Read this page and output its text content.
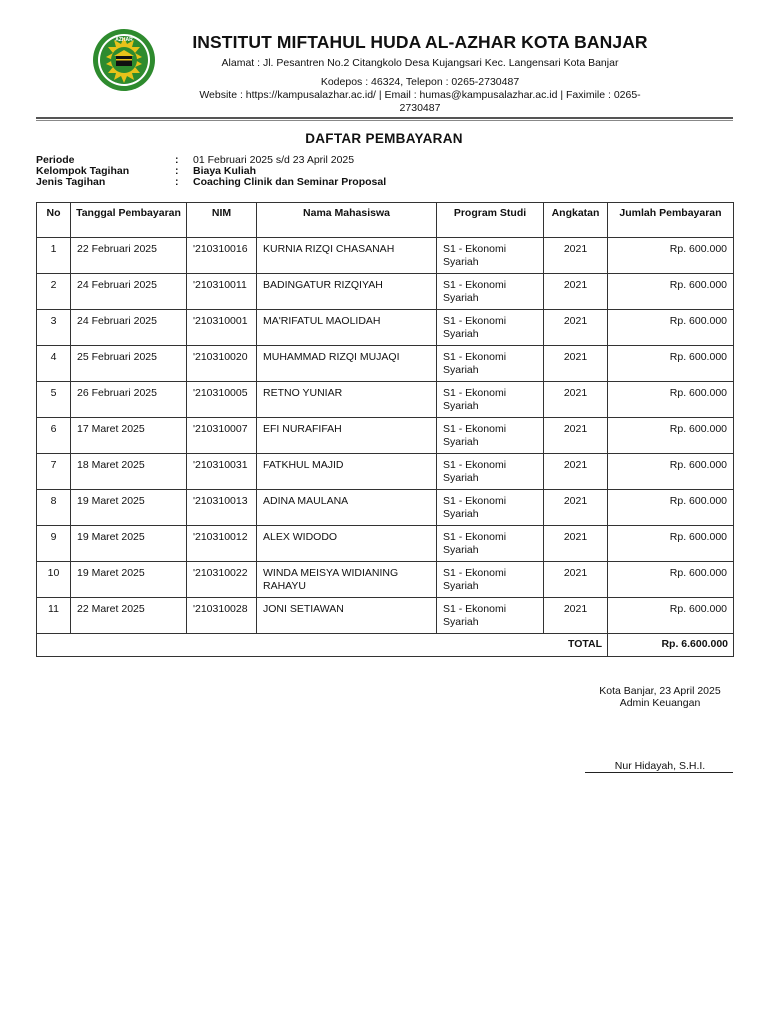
AZHAR	INSTITUT MIFTAHUL HUDA AL-AZHAR KOTA BANJAR
Alamat : Jl. Pesantren No.2 Citangkolo Desa Kujangsari Kec. Langensari Kota Banjar
Kodepos : 46324, Telepon : 0265-2730487
Website : https://kampusalazhar.ac.id/ | Email : humas@kampusalazhar.ac.id | Faximile : 0265-
2730487
DAFTAR PEMBAYARAN
Periode	: 01 Februari 2025 s/d 23 April 2025
Kelompok Tagihan	: Biaya Kuliah
Jenis Tagihan	: Coaching Clinik dan Seminar Proposal
No	Tanggal Pembayaran	NIM	Nama Mahasiswa	Program Studi	Angkatan	Jumlah Pembayaran
1	22 Februari 2025	'210310016	KURNIA RIZQI CHASANAH	S1 - Ekonomi Syariah	2021	Rp. 600.000
2	24 Februari 2025	'210310011	BADINGATUR RIZQIYAH	S1 - Ekonomi Syariah	2021	Rp. 600.000
3	24 Februari 2025	'210310001	MA'RIFATUL MAOLIDAH	S1 - Ekonomi Syariah	2021	Rp. 600.000
4	25 Februari 2025	'210310020	MUHAMMAD RIZQI MUJAQI	S1 - Ekonomi Syariah	2021	Rp. 600.000
5	26 Februari 2025	'210310005	RETNO YUNIAR	S1 - Ekonomi Syariah	2021	Rp. 600.000
6	17 Maret 2025	'210310007	EFI NURAFIFAH	S1 - Ekonomi Syariah	2021	Rp. 600.000
7	18 Maret 2025	'210310031	FATKHUL MAJID	S1 - Ekonomi Syariah	2021	Rp. 600.000
8	19 Maret 2025	'210310013	ADINA MAULANA	S1 - Ekonomi Syariah	2021	Rp. 600.000
9	19 Maret 2025	'210310012	ALEX WIDODO	S1 - Ekonomi Syariah	2021	Rp. 600.000
10	19 Maret 2025	'210310022	WINDA MEISYA WIDIANING RAHAYU	S1 - Ekonomi Syariah	2021	Rp. 600.000
11	22 Maret 2025	'210310028	JONI SETIAWAN	S1 - Ekonomi Syariah	2021	Rp. 600.000
TOTAL						Rp. 6.600.000
Kota Banjar, 23 April 2025
Admin Keuangan
Nur Hidayah, S.H.I.
